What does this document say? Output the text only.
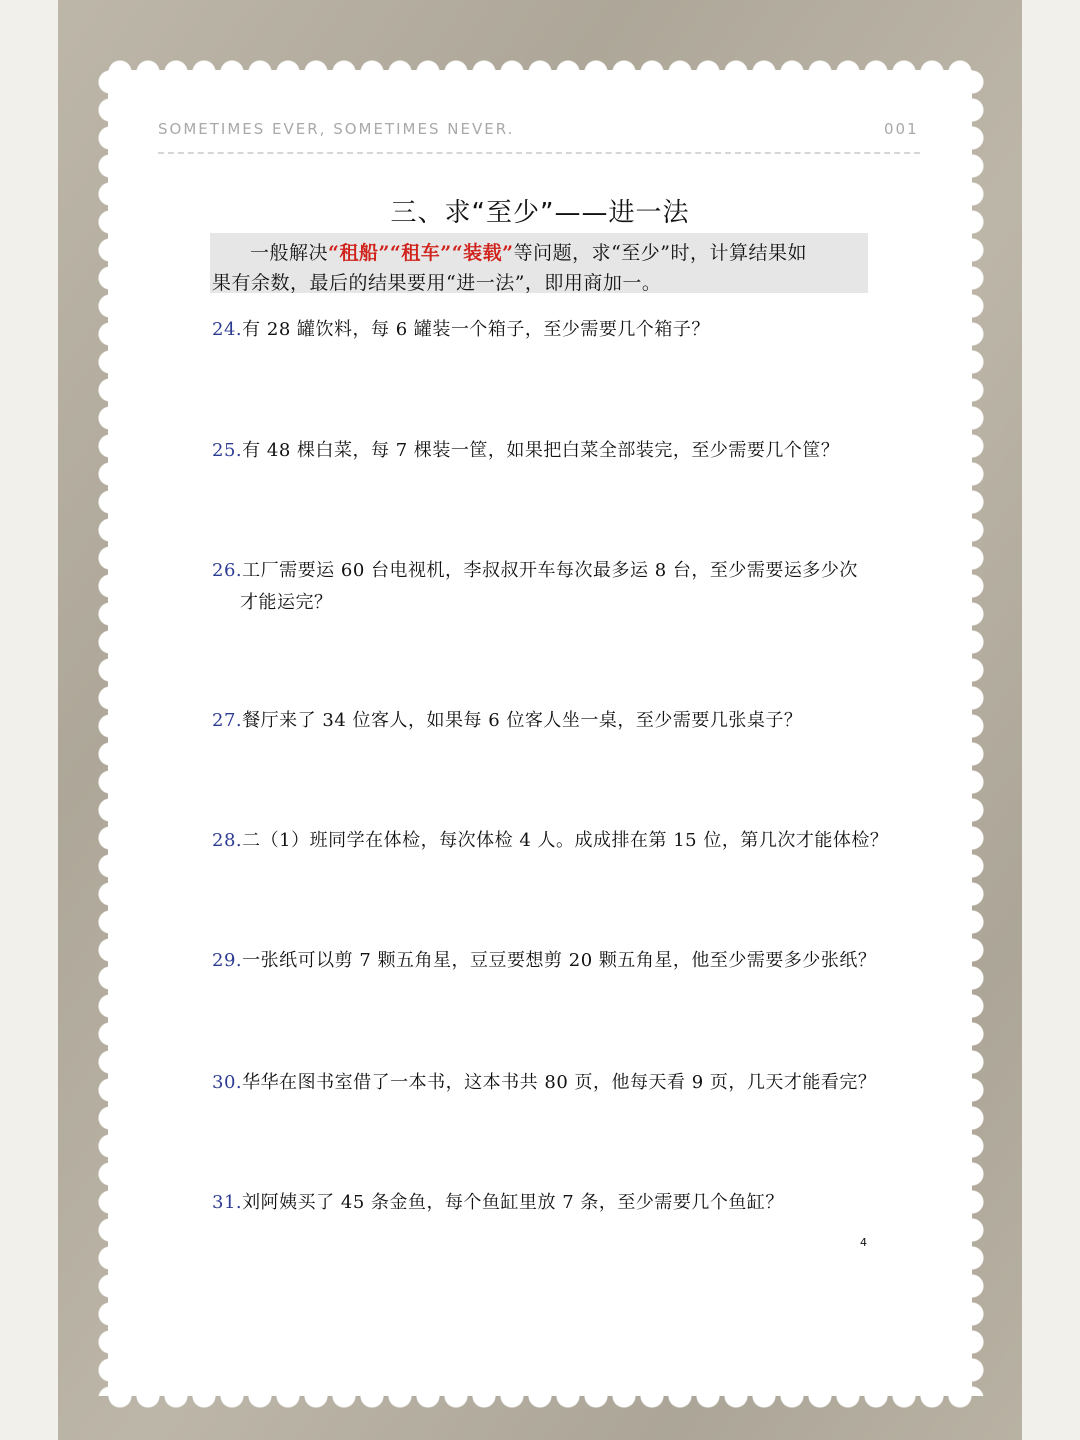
SOMETIMES EVER, SOMETIMES NEVER.	001
三、求“至少”——进一法
一般解决“租船”“租车”“装载”等问题，求“至少”时，计算结果如
果有余数，最后的结果要用“进一法”，即用商加一。
24.有 28 罐饮料，每 6 罐装一个箱子，至少需要几个箱子？
25.有 48 棵白菜，每 7 棵装一筐，如果把白菜全部装完，至少需要几个筐？
26.工厂需要运 60 台电视机，李叔叔开车每次最多运 8 台，至少需要运多少次
才能运完？
27.餐厅来了 34 位客人，如果每 6 位客人坐一桌，至少需要几张桌子？
28.二（1）班同学在体检，每次体检 4 人。成成排在第 15 位，第几次才能体检？
29.一张纸可以剪 7 颗五角星，豆豆要想剪 20 颗五角星，他至少需要多少张纸？
30.华华在图书室借了一本书，这本书共 80 页，他每天看 9 页，几天才能看完？
31.刘阿姨买了 45 条金鱼，每个鱼缸里放 7 条，至少需要几个鱼缸？
4
